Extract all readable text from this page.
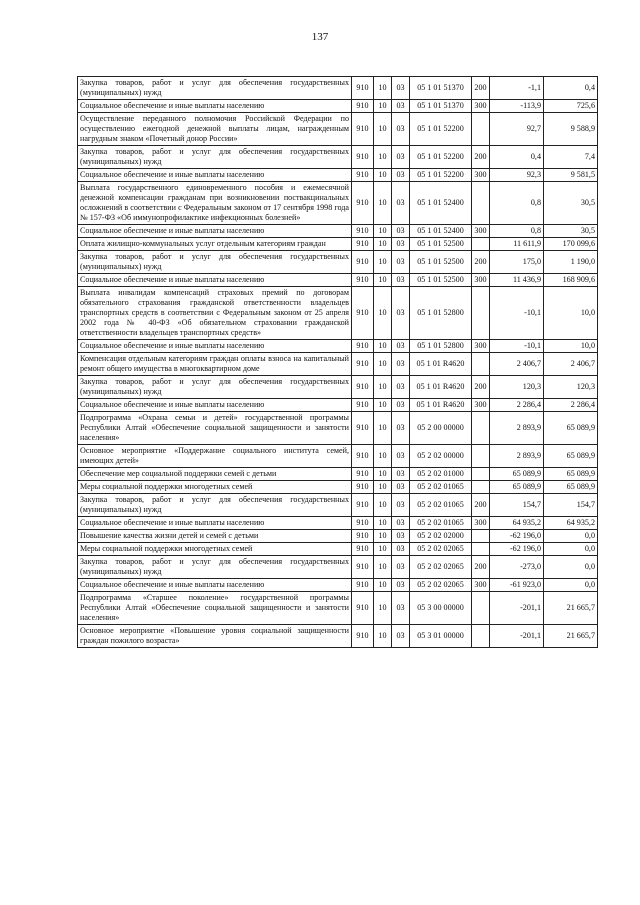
137
Закупка товаров, работ и услуг для обеспечения государственных (муниципальных) нужд	910	10	03	05 1 01 51370	200	-1,1	0,4
Социальное обеспечение и иные выплаты населению	910	10	03	05 1 01 51370	300	-113,9	725,6
Осуществление переданного полномочия Российской Федерации по осуществлению ежегодной денежной выплаты лицам, награжденным нагрудным знаком «Почетный донор России»	910	10	03	05 1 01 52200		92,7	9 588,9
Закупка товаров, работ и услуг для обеспечения государственных (муниципальных) нужд	910	10	03	05 1 01 52200	200	0,4	7,4
Социальное обеспечение и иные выплаты населению	910	10	03	05 1 01 52200	300	92,3	9 581,5
Выплата государственного единовременного пособия и ежемесячной денежной компенсации гражданам при возникновении поствакцинальных осложнений в соответствии с Федеральным законом от 17 сентября 1998 года № 157-ФЗ «Об иммунопрофилактике инфекционных болезней»	910	10	03	05 1 01 52400		0,8	30,5
Социальное обеспечение и иные выплаты населению	910	10	03	05 1 01 52400	300	0,8	30,5
Оплата жилищно-коммунальных услуг отдельным категориям граждан	910	10	03	05 1 01 52500		11 611,9	170 099,6
Закупка товаров, работ и услуг для обеспечения государственных (муниципальных) нужд	910	10	03	05 1 01 52500	200	175,0	1 190,0
Социальное обеспечение и иные выплаты населению	910	10	03	05 1 01 52500	300	11 436,9	168 909,6
Выплата инвалидам компенсаций страховых премий по договорам обязательного страхования гражданской ответственности владельцев транспортных средств в соответствии с Федеральным законом от 25 апреля 2002 года № 40-ФЗ «Об обязательном страховании гражданской ответственности владельцев транспортных средств»	910	10	03	05 1 01 52800		-10,1	10,0
Социальное обеспечение и иные выплаты населению	910	10	03	05 1 01 52800	300	-10,1	10,0
Компенсация отдельным категориям граждан оплаты взноса на капитальный ремонт общего имущества в многоквартирном доме	910	10	03	05 1 01 R4620		2 406,7	2 406,7
Закупка товаров, работ и услуг для обеспечения государственных (муниципальных) нужд	910	10	03	05 1 01 R4620	200	120,3	120,3
Социальное обеспечение и иные выплаты населению	910	10	03	05 1 01 R4620	300	2 286,4	2 286,4
Подпрограмма «Охрана семьи и детей» государственной программы Республики Алтай «Обеспечение социальной защищенности и занятости населения»	910	10	03	05 2 00 00000		2 893,9	65 089,9
Основное мероприятие «Поддержание социального института семей, имеющих детей»	910	10	03	05 2 02 00000		2 893,9	65 089,9
Обеспечение мер социальной поддержки семей с детьми	910	10	03	05 2 02 01000		65 089,9	65 089,9
Меры социальной поддержки многодетных семей	910	10	03	05 2 02 01065		65 089,9	65 089,9
Закупка товаров, работ и услуг для обеспечения государственных (муниципальных) нужд	910	10	03	05 2 02 01065	200	154,7	154,7
Социальное обеспечение и иные выплаты населению	910	10	03	05 2 02 01065	300	64 935,2	64 935,2
Повышение качества жизни детей и семей с детьми	910	10	03	05 2 02 02000		-62 196,0	0,0
Меры социальной поддержки многодетных семей	910	10	03	05 2 02 02065		-62 196,0	0,0
Закупка товаров, работ и услуг для обеспечения государственных (муниципальных) нужд	910	10	03	05 2 02 02065	200	-273,0	0,0
Социальное обеспечение и иные выплаты населению	910	10	03	05 2 02 02065	300	-61 923,0	0,0
Подпрограмма «Старшее поколение» государственной программы Республики Алтай «Обеспечение социальной защищенности и занятости населения»	910	10	03	05 3 00 00000		-201,1	21 665,7
Основное мероприятие «Повышение уровня социальной защищенности граждан пожилого возраста»	910	10	03	05 3 01 00000		-201,1	21 665,7
